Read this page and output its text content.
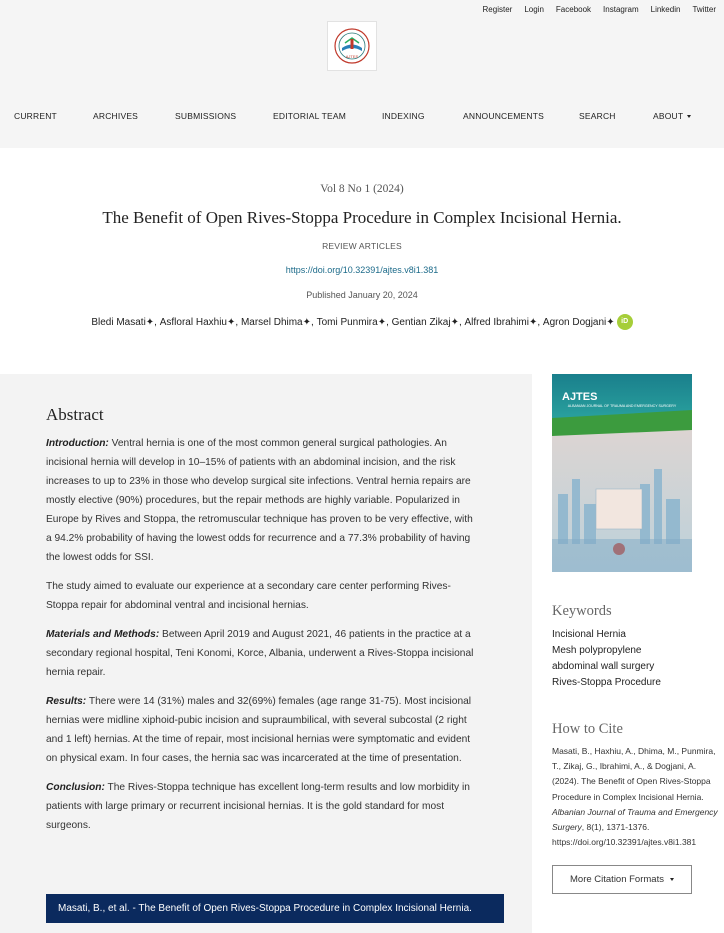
Register Login Facebook Instagram Linkedin Twitter
AJTES
CURRENT	ARCHIVES	SUBMISSIONS	EDITORIAL TEAM	INDEXING	ANNOUNCEMENTS	SEARCH	ABOUT
Vol 8 No 1 (2024)
The Benefit of Open Rives-Stoppa Procedure in Complex Incisional Hernia.
REVIEW ARTICLES
https://doi.org/10.32391/ajtes.v8i1.381
Published January 20, 2024
Bledi Masati ✦, Asfloral Haxhiu ✦, Marsel Dhima ✦, Tomi Punmira ✦, Gentian Zikaj ✦, Alfred Ibrahimi ✦, Agron Dogjani ✦ iD
Abstract

Introduction: Ventral hernia is one of the most common general surgical pathologies. An incisional hernia will develop in 10–15% of patients with an abdominal incision, and the risk increases to up to 23% in those who develop surgical site infections. Ventral hernia repairs are mostly elective (90%) procedures, but the repair methods are highly variable. Popularized in Europe by Rives and Stoppa, the retromuscular technique has proven to be very effective, with a 94.2% probability of having the lowest odds for recurrence and a 77.3% probability of having the lowest odds for SSI.

The study aimed to evaluate our experience at a secondary care center performing Rives-Stoppa repair for abdominal ventral and incisional hernias.

Materials and Methods: Between April 2019 and August 2021, 46 patients in the practice at a secondary regional hospital, Teni Konomi, Korce, Albania, underwent a Rives-Stoppa incisional hernia repair.

Results: There were 14 (31%) males and 32(69%) females (age range 31-75). Most incisional hernias were midline xiphoid-pubic incision and supraumbilical, with several subcostal (2 right and 1 left) hernias. At the time of repair, most incisional hernias were symptomatic and evident on physical exam. In four cases, the hernia sac was incarcerated at the time of presentation.

Conclusion: The Rives-Stoppa technique has excellent long-term results and low morbidity in patients with large primary or recurrent incisional hernias. It is the gold standard for most surgeons.

Masati, B., et al. - The Benefit of Open Rives-Stoppa Procedure in Complex Incisional Hernia.
AJTES
ALBANIAN JOURNAL OF TRAUMA AND EMERGENCY SURGERY
Keywords
Incisional Hernia
Mesh polypropylene
abdominal wall surgery
Rives-Stoppa Procedure
How to Cite
Masati, B., Haxhiu, A., Dhima, M., Punmira, T., Zikaj, G., Ibrahimi, A., & Dogjani, A. (2024). The Benefit of Open Rives-Stoppa Procedure in Complex Incisional Hernia. Albanian Journal of Trauma and Emergency Surgery, 8(1), 1371-1376. https://doi.org/10.32391/ajtes.v8i1.381
More Citation Formats
